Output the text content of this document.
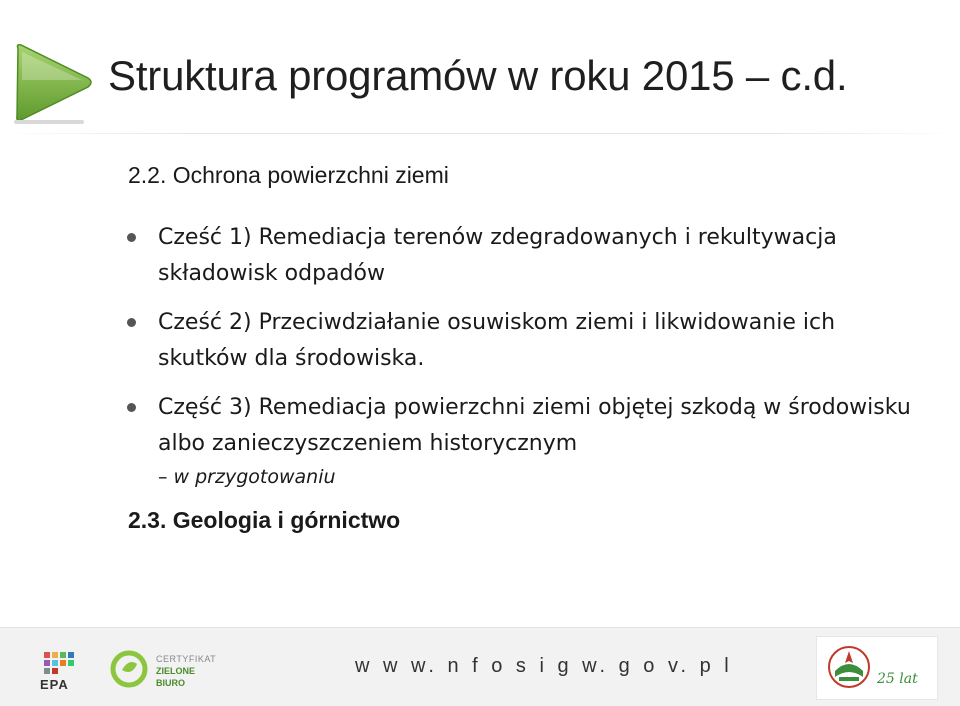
Struktura programów w roku 2015 – c.d.
2.2. Ochrona powierzchni ziemi
Cześć 1) Remediacja terenów zdegradowanych i rekultywacja składowisk odpadów
Cześć 2) Przeciwdziałanie osuwiskom ziemi i likwidowanie ich skutków dla środowiska.
Część 3) Remediacja powierzchni ziemi objętej szkodą w środowisku albo zanieczyszczeniem historycznym
– w przygotowaniu
2.3. Geologia i górnictwo
EPA
CERTYFIKAT
ZIELONE
BIURO
w w w. n f o s i g w. g o v. p l
25 lat
